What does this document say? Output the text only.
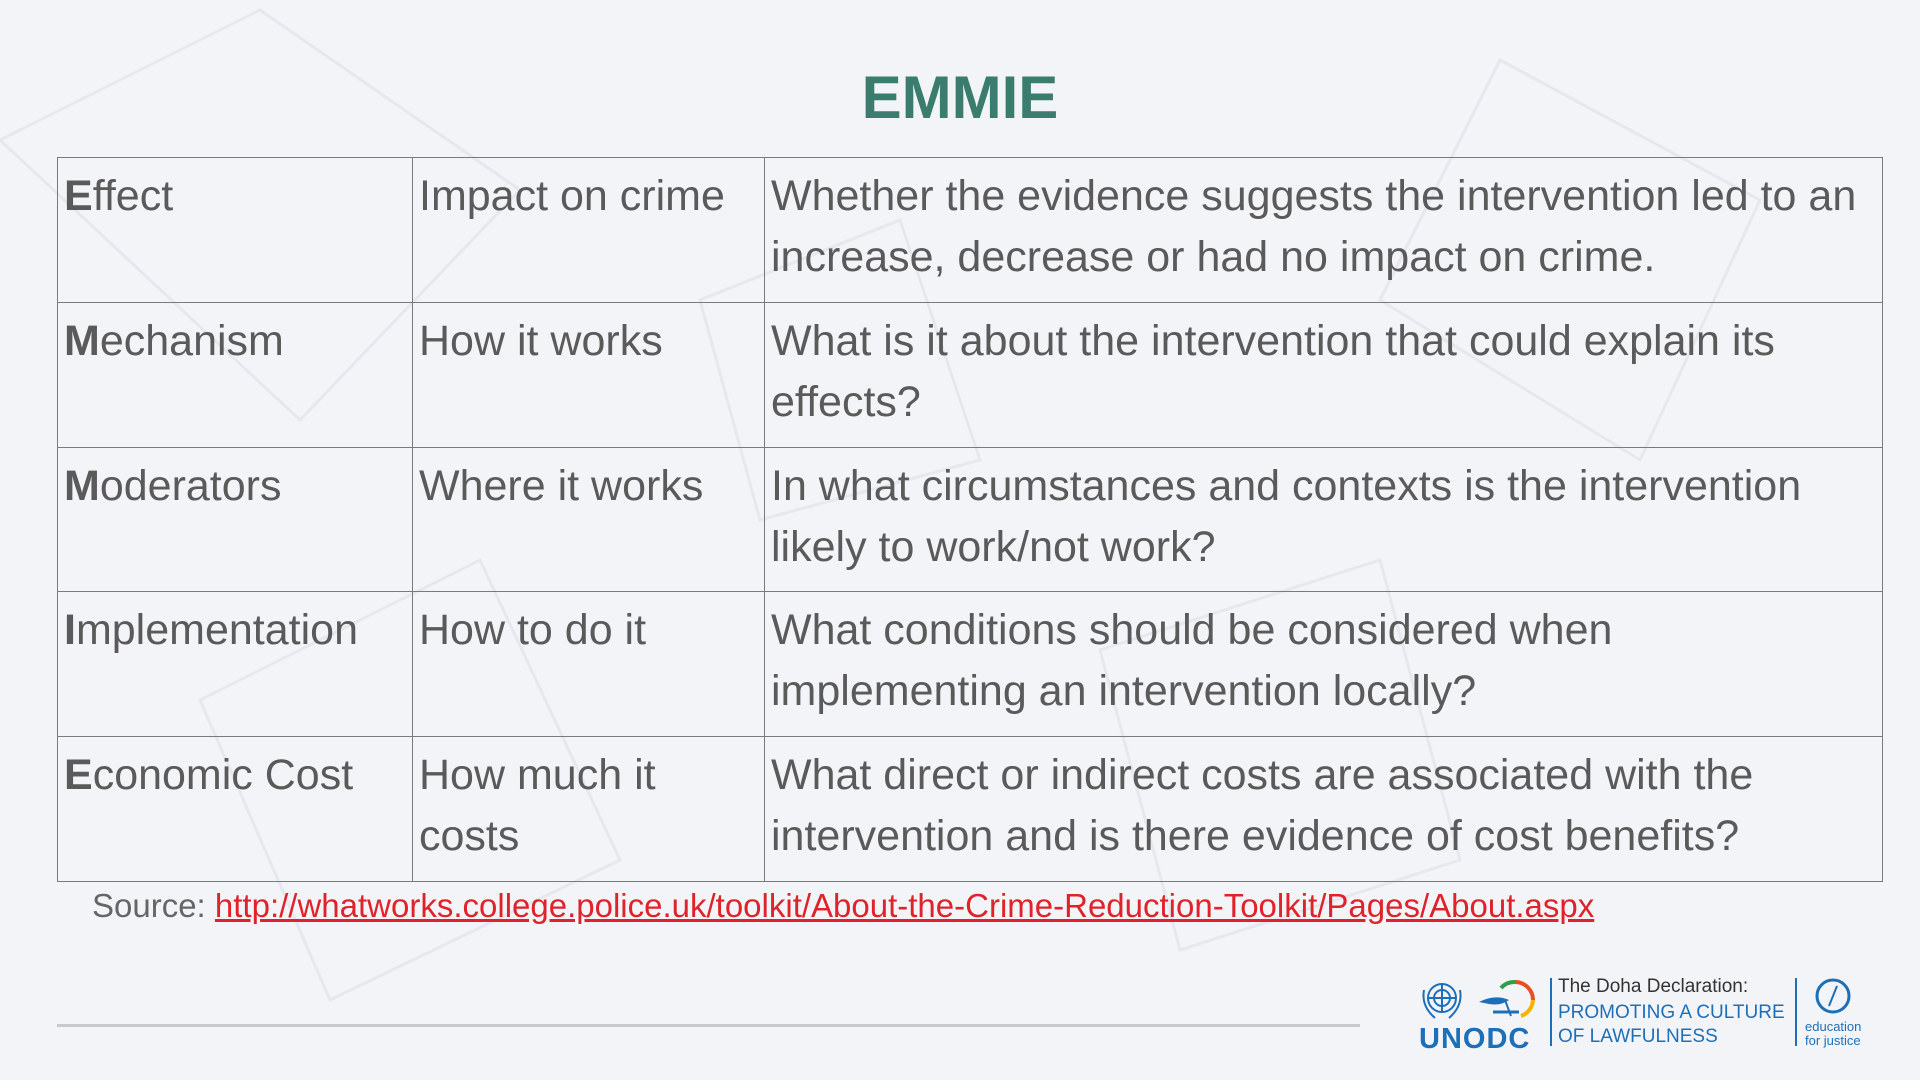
EMMIE
Effect	Impact on crime	Whether the evidence suggests the intervention led to an increase, decrease or had no impact on crime.
Mechanism	How it works	What is it about the intervention that could explain its effects?
Moderators	Where it works	In what circumstances and contexts is the intervention likely to work/not work?
Implementation	How to do it	What conditions should be considered when implementing an intervention locally?
Economic Cost	How much it costs	What direct or indirect costs are associated with the intervention and is there evidence of cost benefits?
Source: http://whatworks.college.police.uk/toolkit/About-the-Crime-Reduction-Toolkit/Pages/About.aspx
UNODC
The Doha Declaration:
PROMOTING A CULTURE
OF LAWFULNESS	education
for justice
